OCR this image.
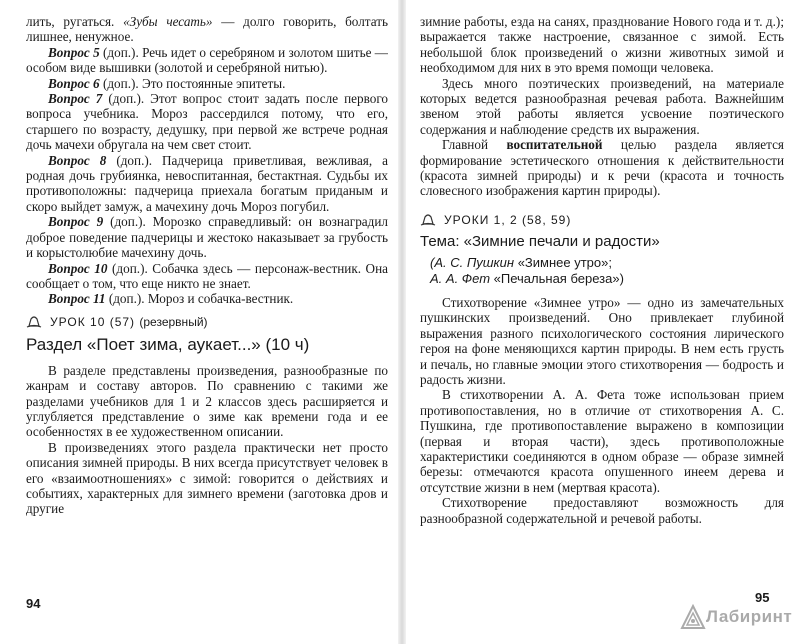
лить, ругаться. «Зубы чесать» — долго говорить, болтать лишнее, ненужное.

Вопрос 5 (доп.). Речь идет о серебряном и золотом шитье — особом виде вышивки (золотой и серебряной нитью).

Вопрос 6 (доп.). Это постоянные эпитеты.

Вопрос 7 (доп.). Этот вопрос стоит задать после первого вопроса учебника. Мороз рассердился потому, что его, старшего по возрасту, дедушку, при первой же встрече родная дочь мачехи обругала на чем свет стоит.

Вопрос 8 (доп.). Падчерица приветливая, вежливая, а родная дочь грубиянка, невоспитанная, бестактная. Судьбы их противоположны: падчерица приехала богатым приданым и скоро выйдет замуж, а мачехину дочь Мороз погубил.

Вопрос 9 (доп.). Морозко справедливый: он вознаградил доброе поведение падчерицы и жестоко наказывает за грубость и корыстолюбие мачехину дочь.

Вопрос 10 (доп.). Собачка здесь — персонаж-вестник. Она сообщает о том, что еще никто не знает.

Вопрос 11 (доп.). Мороз и собачка-вестник.

УРОК 10 (57)
(резервный)
Раздел «Поет зима, аукает...» (10 ч)

В разделе представлены произведения, разнообразные по жанрам и составу авторов. По сравнению с такими же разделами учебников для 1 и 2 классов здесь расширяется и углубляется представление о зиме как времени года и ее особенностях в ее художественном описании.

В произведениях этого раздела практически нет просто описания зимней природы. В них всегда присутствует человек в его «взаимоотношениях» с зимой: говорится о действиях и событиях, характерных для зимнего времени (заготовка дров и другие

94

зимние работы, езда на санях, празднование Нового года и т. д.); выражается также настроение, связанное с зимой. Есть небольшой блок произведений о жизни животных зимой и необходимом для них в это время помощи человека.

Здесь много поэтических произведений, на материале которых ведется разнообразная речевая работа. Важнейшим звеном этой работы является усвоение поэтического содержания и наблюдение средств их выражения.

Главной воспитательной целью раздела является формирование эстетического отношения к действительности (красота зимней природы) и к речи (красота и точность словесного изображения картин природы).

УРОКИ 1, 2 (58, 59)
Тема: «Зимние печали и радости»
(А. С. Пушкин «Зимнее утро»;
А. А. Фет «Печальная береза»)

Стихотворение «Зимнее утро» — одно из замечательных пушкинских произведений. Оно привлекает глубиной выражения разного психологического состояния лирического героя на фоне меняющихся картин природы. В нем есть грусть и печаль, но главные эмоции этого стихотворения — бодрость и радость жизни.

В стихотворении А. А. Фета тоже использован прием противопоставления, но в отличие от стихотворения А. С. Пушкина, где противопоставление выражено в композиции (первая и вторая части), здесь противоположные характеристики соединяются в одном образе — образе зимней березы: отмечаются красота опушенного инеем дерева и отсутствие жизни в нем (мертвая красота).

Стихотворение предоставляют возможность для разнообразной содержательной и речевой работы.

95
Лабиринт
